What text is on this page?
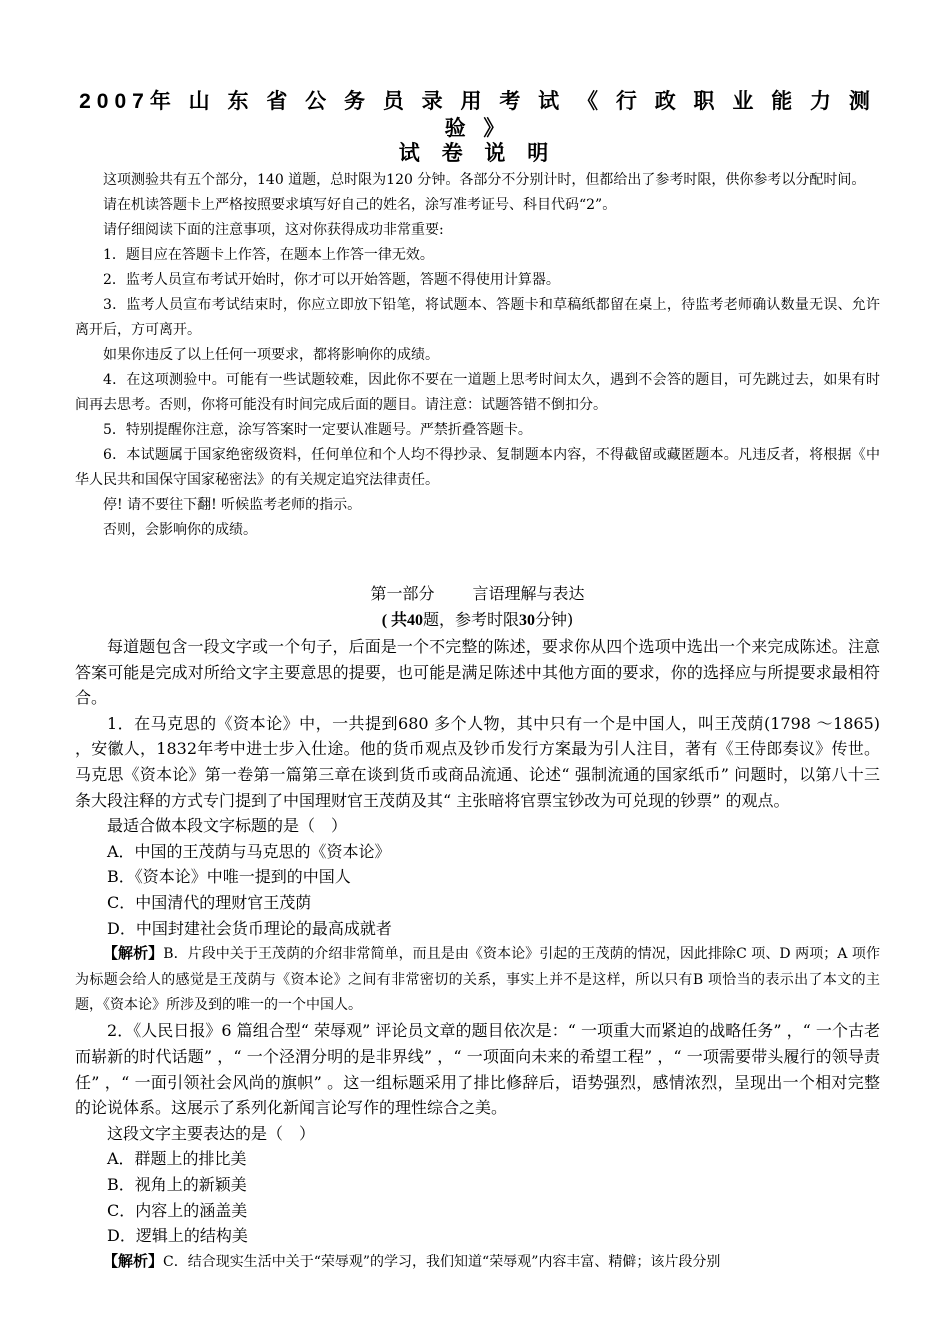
2007年 山 东 省 公 务 员 录 用 考 试 《 行 政 职 业 能 力 测 验 》
试 卷 说 明

这项测验共有五个部分，140 道题，总时限为120 分钟。各部分不分别计时，但都给出了参考时限，供你参考以分配时间。

请在机读答题卡上严格按照要求填写好自己的姓名，涂写准考证号、科目代码“2”。

请仔细阅读下面的注意事项，这对你获得成功非常重要:

1．题目应在答题卡上作答，在题本上作答一律无效。

2．监考人员宣布考试开始时，你才可以开始答题，答题不得使用计算器。

3．监考人员宣布考试结束时，你应立即放下铅笔，将试题本、答题卡和草稿纸都留在桌上，待监考老师确认数量无误、允许离开后，方可离开。

如果你违反了以上任何一项要求，都将影响你的成绩。

4．在这项测验中。可能有一些试题较难，因此你不要在一道题上思考时间太久，遇到不会答的题目，可先跳过去，如果有时间再去思考。否则，你将可能没有时间完成后面的题目。请注意：试题答错不倒扣分。

5．特别提醒你注意，涂写答案时一定要认准题号。严禁折叠答题卡。

6．本试题属于国家绝密级资料，任何单位和个人均不得抄录、复制题本内容，不得截留或藏匿题本。凡违反者，将根据《中华人民共和国保守国家秘密法》的有关规定追究法律责任。

停! 请不要往下翻! 听候监考老师的指示。

否则，会影响你的成绩。

第一部分 言语理解与表达

( 共40题，参考时限30分钟)

每道题包含一段文字或一个句子，后面是一个不完整的陈述，要求你从四个选项中选出一个来完成陈述。注意答案可能是完成对所给文字主要意思的提要，也可能是满足陈述中其他方面的要求，你的选择应与所提要求最相符合。

1．在马克思的《资本论》中，一共提到680 多个人物，其中只有一个是中国人，叫王茂荫(1798 ～1865) ，安徽人，1832年考中进士步入仕途。他的货币观点及钞币发行方案最为引人注目，著有《王侍郎奏议》传世。马克思《资本论》第一卷第一篇第三章在谈到货币或商品流通、论述“ 强制流通的国家纸币” 问题时，以第八十三条大段注释的方式专门提到了中国理财官王茂荫及其“ 主张暗将官票宝钞改为可兑现的钞票” 的观点。

最适合做本段文字标题的是（　）

A．中国的王茂荫与马克思的《资本论》

B．《资本论》中唯一提到的中国人

C．中国清代的理财官王茂荫

D．中国封建社会货币理论的最高成就者

【解析】B．片段中关于王茂荫的介绍非常简单，而且是由《资本论》引起的王茂荫的情况，因此排除C 项、D 两项；A 项作为标题会给人的感觉是王茂荫与《资本论》之间有非常密切的关系，事实上并不是这样，所以只有B 项恰当的表示出了本文的主题，《资本论》所涉及到的唯一的一个中国人。

2．《人民日报》6 篇组合型“ 荣辱观” 评论员文章的题目依次是：“ 一项重大而紧迫的战略任务” ，“ 一个古老而崭新的时代话题” ，“ 一个泾渭分明的是非界线” ，“ 一项面向未来的希望工程” ，“ 一项需要带头履行的领导责任” ，“ 一面引领社会风尚的旗帜” 。这一组标题采用了排比修辞后，语势强烈，感情浓烈，呈现出一个相对完整的论说体系。这展示了系列化新闻言论写作的理性综合之美。

这段文字主要表达的是（　）

A．群题上的排比美

B．视角上的新颖美

C．内容上的涵盖美

D．逻辑上的结构美

【解析】C．结合现实生活中关于“荣辱观”的学习，我们知道“荣辱观”内容丰富、精僻；该片段分别
